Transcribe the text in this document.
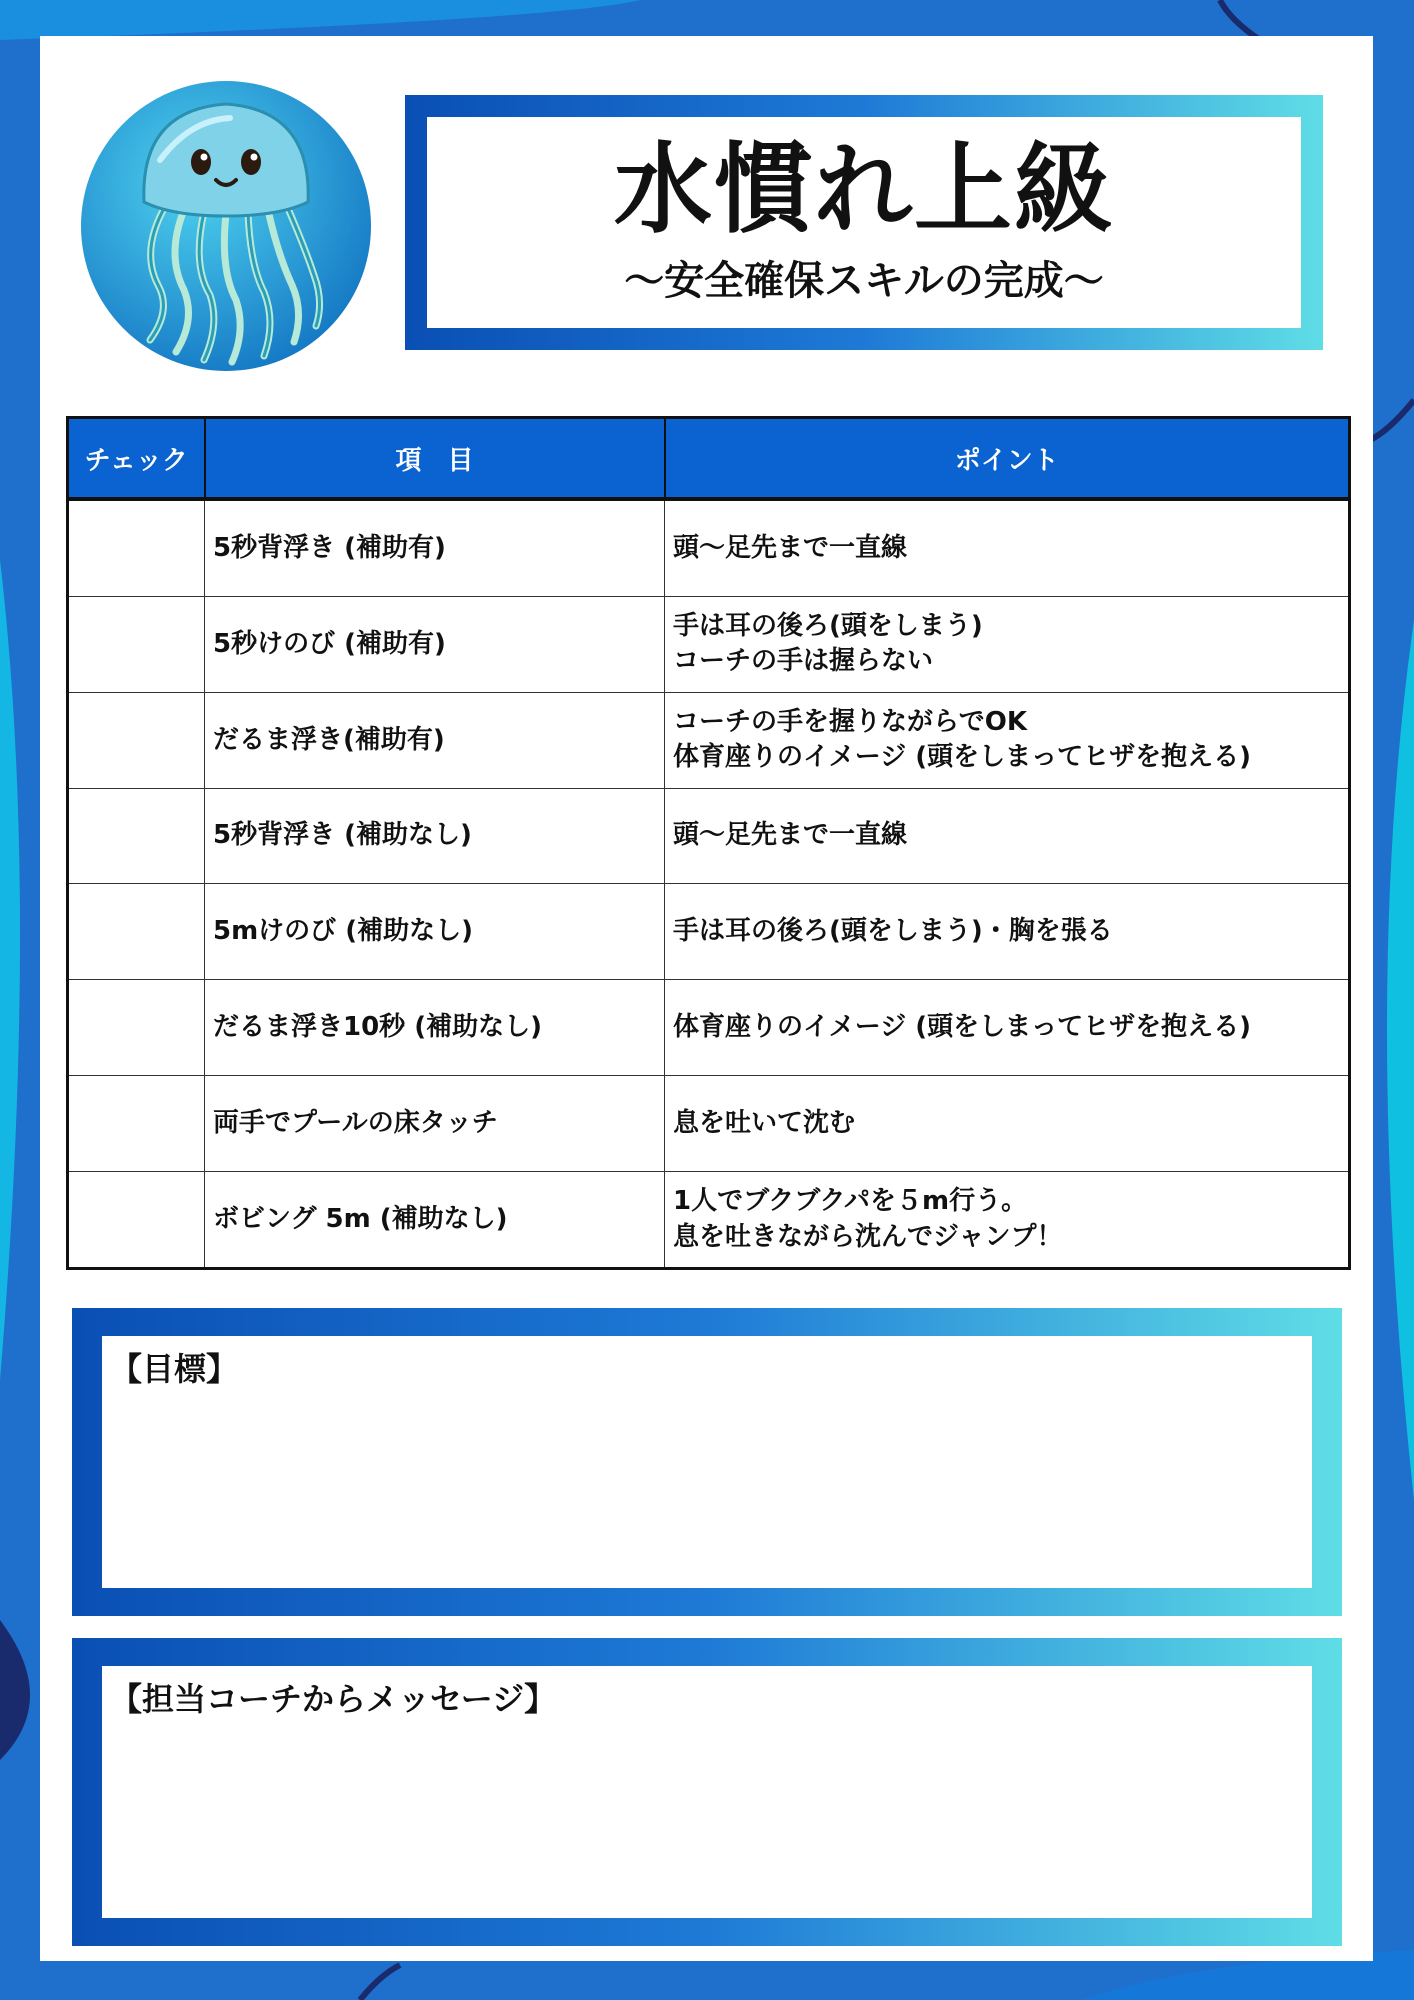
水慣れ上級
〜安全確保スキルの完成〜
チェック	項　目	ポイント
	5秒背浮き (補助有)	頭〜足先まで一直線

	5秒けのび (補助有)	手は耳の後ろ(頭をしまう)
コーチの手は握らない

	だるま浮き(補助有)	コーチの手を握りながらでOK
体育座りのイメージ (頭をしまってヒザを抱える)

	5秒背浮き (補助なし)	頭〜足先まで一直線

	5mけのび (補助なし)	手は耳の後ろ(頭をしまう)・胸を張る

	だるま浮き10秒 (補助なし)	体育座りのイメージ (頭をしまってヒザを抱える)

	両手でプールの床タッチ	息を吐いて沈む

	ボビング 5m (補助なし)	1人でブクブクパを５m行う。
息を吐きながら沈んでジャンプ！
【目標】
【担当コーチからメッセージ】
